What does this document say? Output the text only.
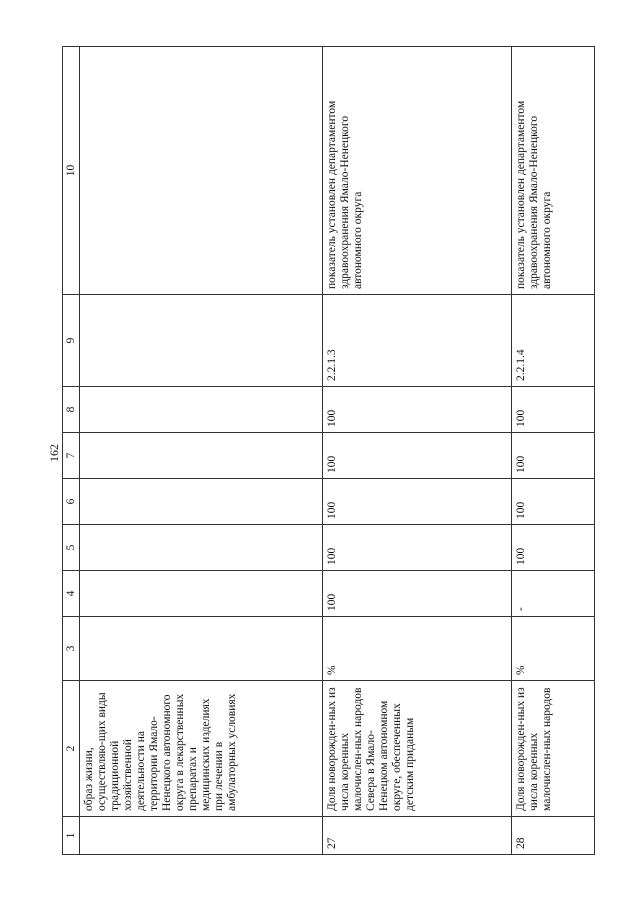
162
1	2	3	4	5	6	7	8	9	10
	образ жизни, осуществляю-щих виды традиционной хозяйственной деятельности на территории Ямало-Ненецкого автономного округа в лекарственных препаратах и медицинских изделиях при лечении в амбулаторных условиях								
27	Доля новорожден-ных из числа коренных малочислен-ных народов Севера в Ямало-Ненецком автономном округе, обеспеченных детским приданым	%	100	100	100	100	100	2.2.1.3	показатель установлен департаментом здравоохранения Ямало-Ненецкого автономного округа
28	Доля новорожден-ных из числа коренных малочислен-ных народов	%	-	100	100	100	100	2.2.1.4	показатель установлен департаментом здравоохранения Ямало-Ненецкого автономного округа
